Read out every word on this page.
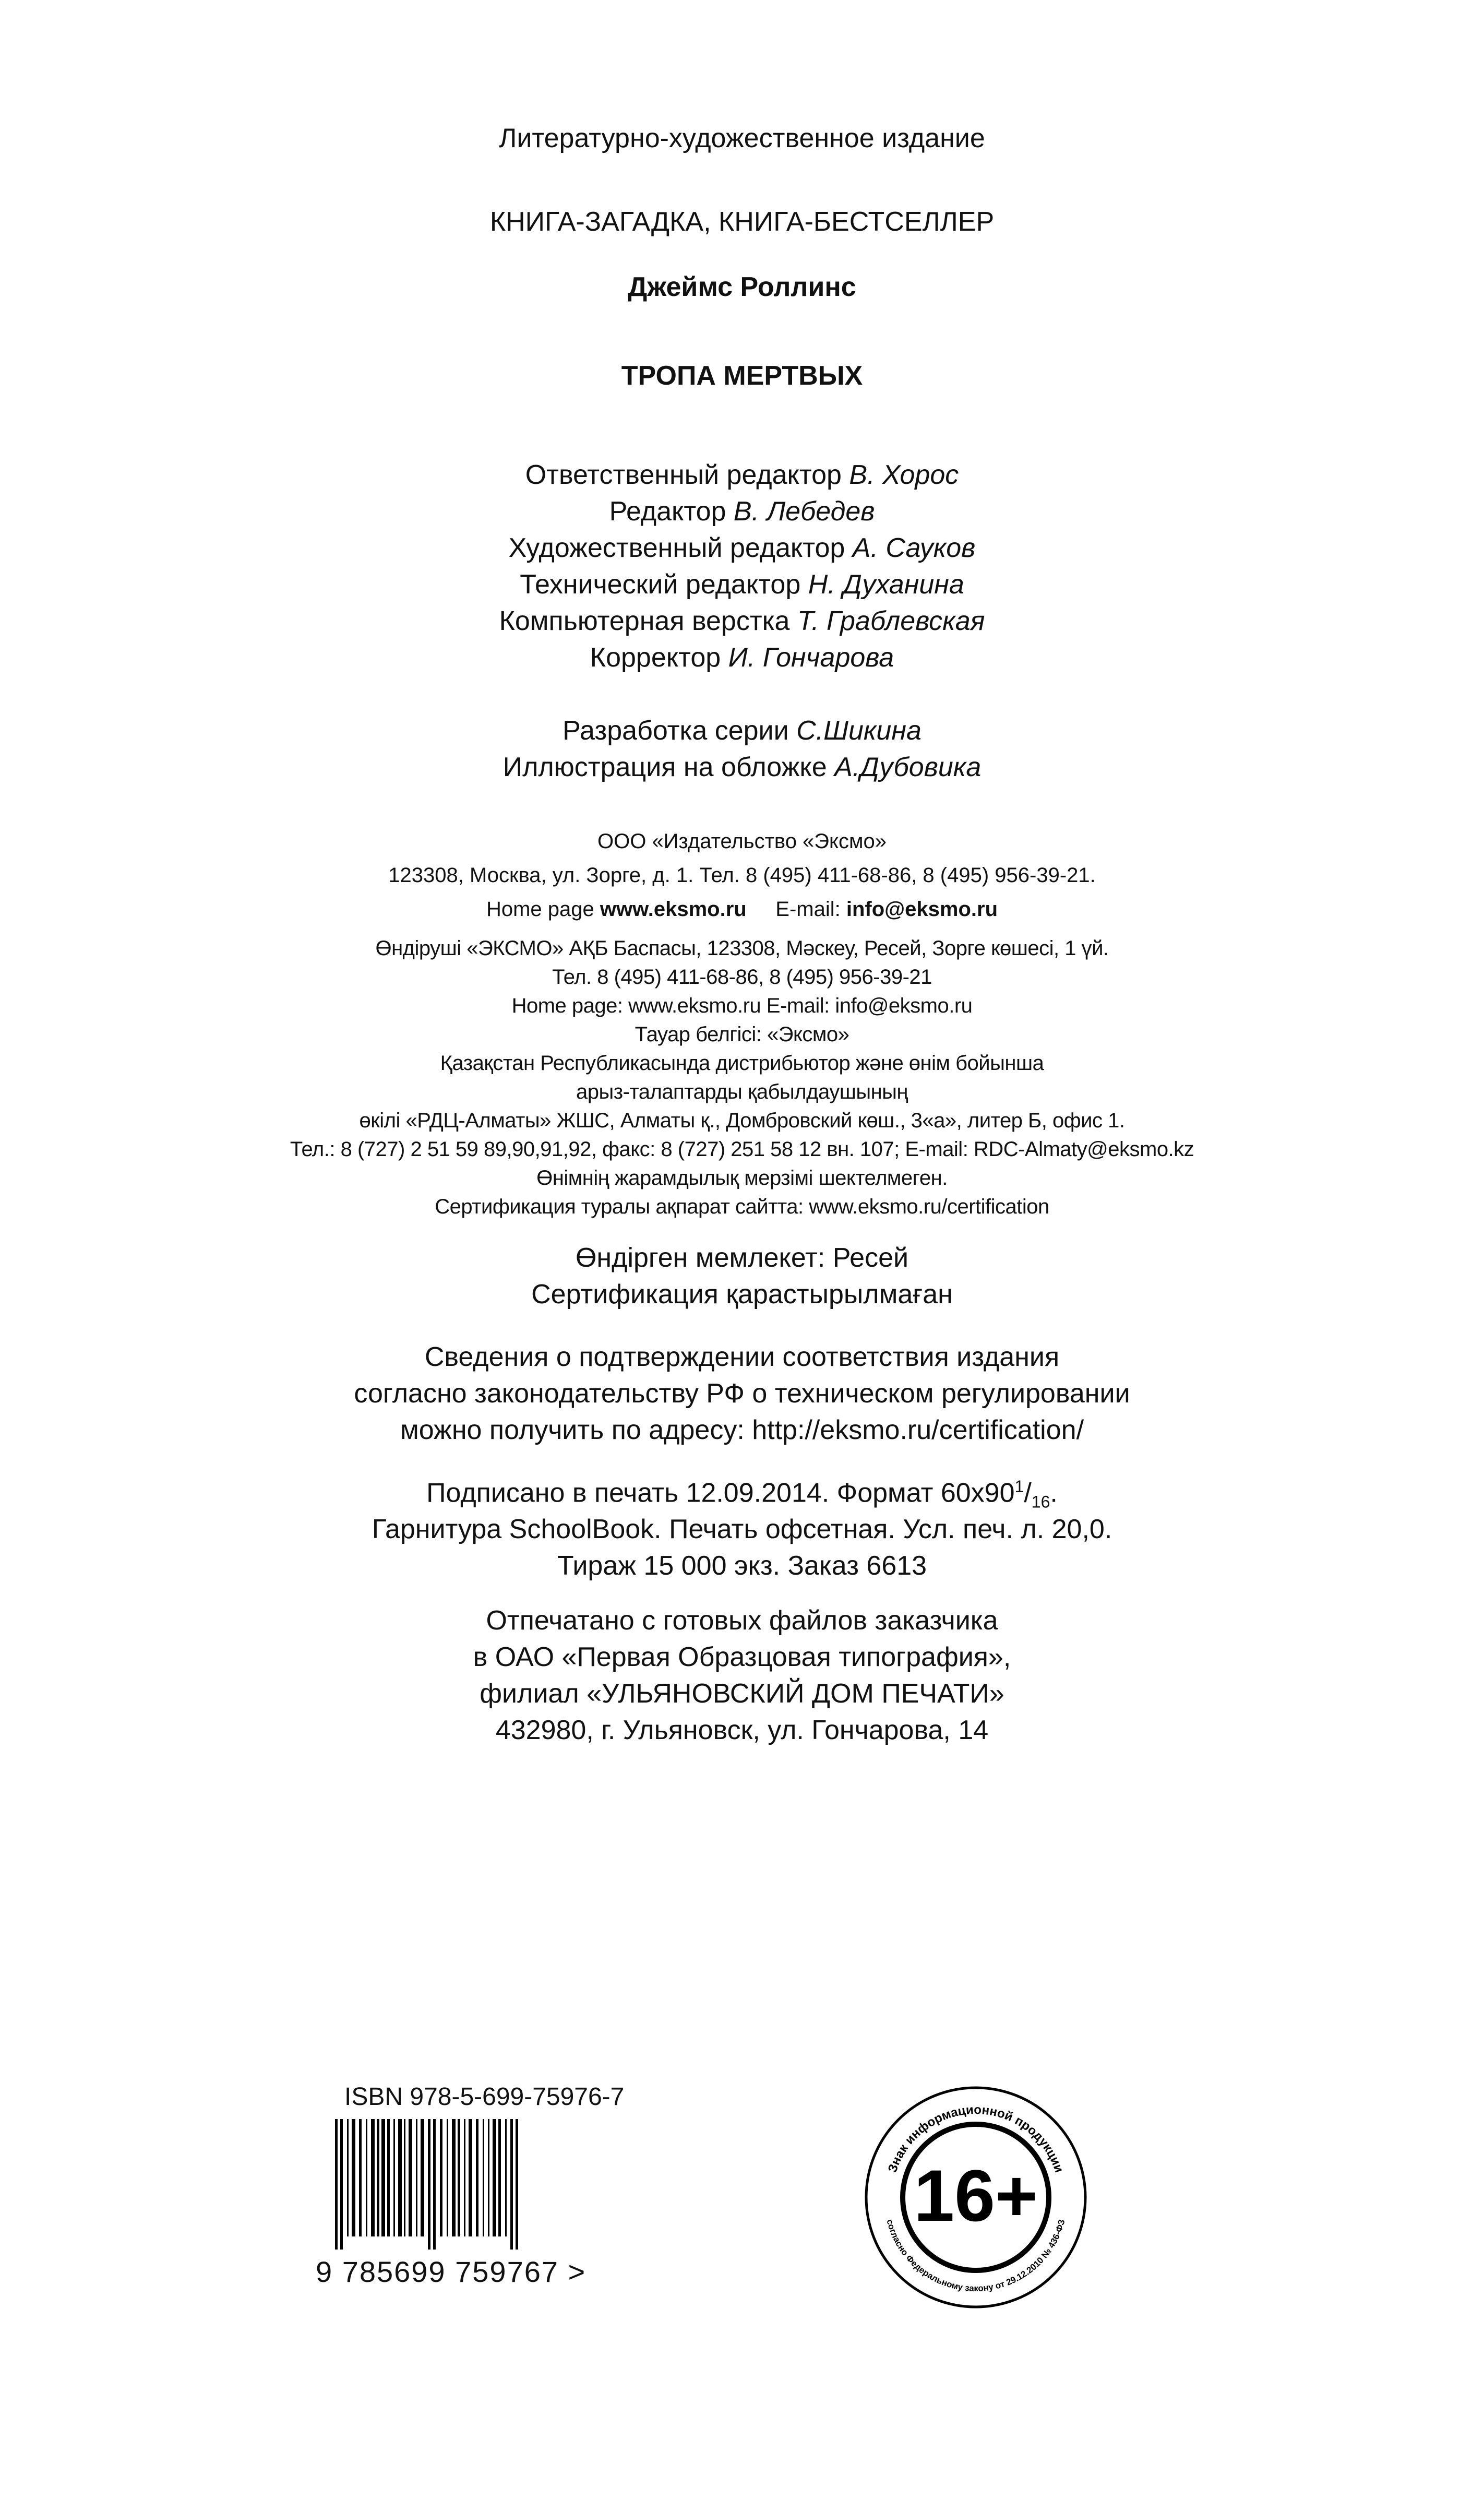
Литературно-художественное издание
КНИГА-ЗАГАДКА, КНИГА-БЕСТСЕЛЛЕР
Джеймс Роллинс
ТРОПА МЕРТВЫХ
Ответственный редактор В. Хорос
Редактор В. Лебедев
Художественный редактор А. Сауков
Технический редактор Н. Духанина
Компьютерная верстка Т. Граблевская
Корректор И. Гончарова
Разработка серии С.Шикина
Иллюстрация на обложке А.Дубовика
ООО «Издательство «Эксмо»
123308, Москва, ул. Зорге, д. 1. Тел. 8 (495) 411-68-86, 8 (495) 956-39-21.
Home page www.eksmo.ru E-mail: info@eksmo.ru
Өндіруші «ЭКСМО» АҚБ Баспасы, 123308, Мәскеу, Ресей, Зорге көшесі, 1 үй.
Тел. 8 (495) 411-68-86, 8 (495) 956-39-21
Home page: www.eksmo.ru E-mail: info@eksmo.ru
Тауар белгісі: «Эксмо»
Қазақстан Республикасында дистрибьютор және өнім бойынша
арыз-талаптарды қабылдаушының
өкілі «РДЦ-Алматы» ЖШС, Алматы қ., Домбровский көш., 3«а», литер Б, офис 1.
Тел.: 8 (727) 2 51 59 89,90,91,92, факс: 8 (727) 251 58 12 вн. 107; E-mail: RDC-Almaty@eksmo.kz
Өнімнің жарамдылық мерзімі шектелмеген.
Сертификация туралы ақпарат сайтта: www.eksmo.ru/certification
Өндірген мемлекет: Ресей
Сертификация қарастырылмаған
Сведения о подтверждении соответствия издания
согласно законодательству РФ о техническом регулировании
можно получить по адресу: http://eksmo.ru/certification/
Подписано в печать 12.09.2014. Формат $60x90^1/_{16}$.
Гарнитура SchoolBook. Печать офсетная. Усл. печ. л. 20,0.
Тираж 15 000 экз. Заказ 6613
Отпечатано с готовых файлов заказчика
в ОАО «Первая Образцовая типография»,
филиал «УЛЬЯНОВСКИЙ ДОМ ПЕЧАТИ»
432980, г. Ульяновск, ул. Гончарова, 14
ISBN 978-5-699-75976-7
9 785699 759767 >
Знак информационной продукции
согласно Федеральному закону от 29.12.2010 № 436-ФЗ
16+
